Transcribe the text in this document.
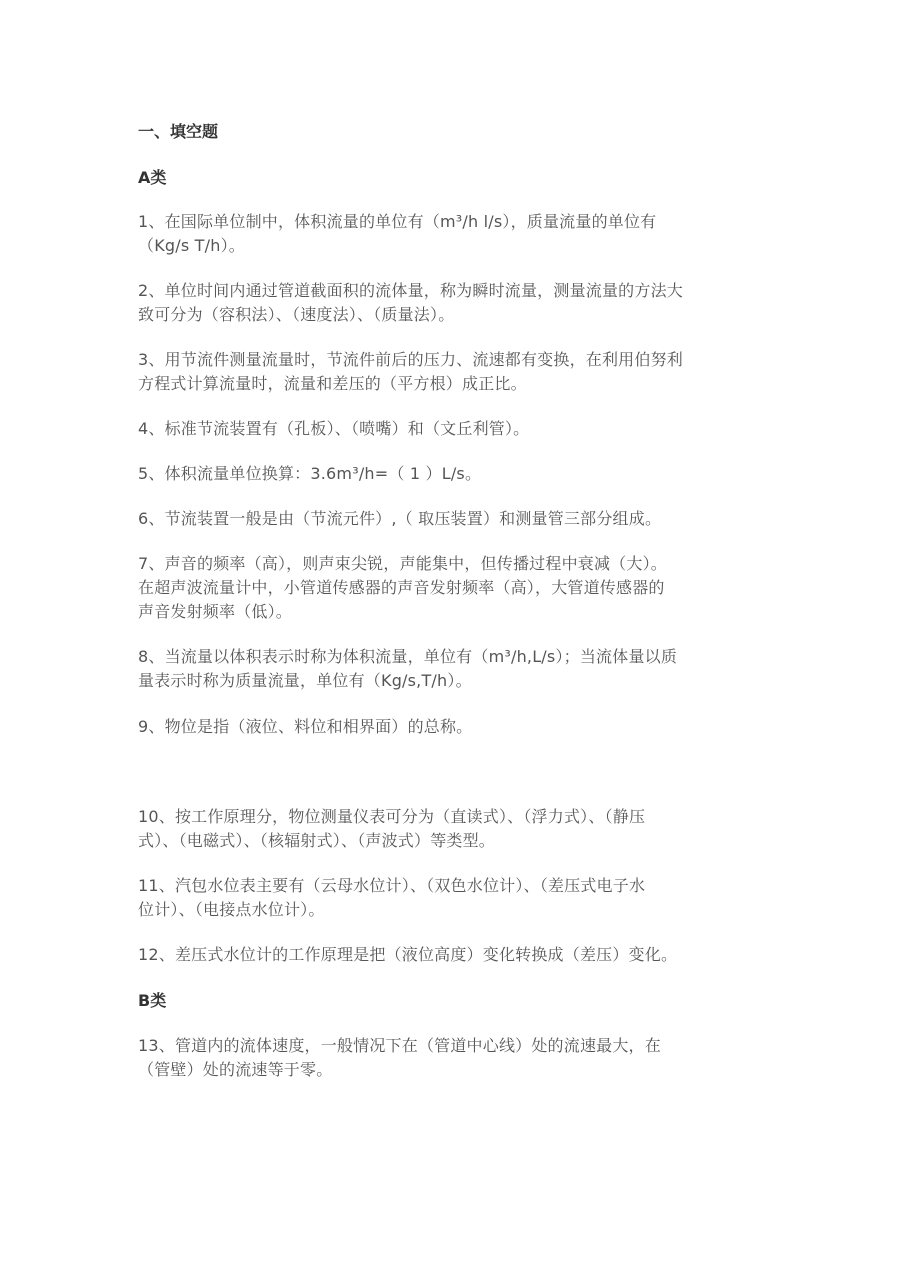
一、填空题
A类
1、在国际单位制中，体积流量的单位有（m³/h l/s），质量流量的单位有
（Kg/s T/h）。
2、单位时间内通过管道截面积的流体量，称为瞬时流量，测量流量的方法大
致可分为（容积法）、（速度法）、（质量法）。
3、用节流件测量流量时，节流件前后的压力、流速都有变换，在利用伯努利
方程式计算流量时，流量和差压的（平方根）成正比。
4、标准节流装置有（孔板）、（喷嘴）和（文丘利管）。
5、体积流量单位换算：3.6m³/h=（ 1 ）L/s。
6、节流装置一般是由（节流元件）,（ 取压装置）和测量管三部分组成。
7、声音的频率（高），则声束尖锐，声能集中，但传播过程中衰减（大）。
在超声波流量计中，小管道传感器的声音发射频率（高），大管道传感器的
声音发射频率（低）。
8、当流量以体积表示时称为体积流量，单位有（m³/h,L/s）；当流体量以质
量表示时称为质量流量，单位有（Kg/s,T/h）。
9、物位是指（液位、料位和相界面）的总称。
10、按工作原理分，物位测量仪表可分为（直读式）、（浮力式）、（静压
式）、（电磁式）、（核辐射式）、（声波式）等类型。
11、汽包水位表主要有（云母水位计）、（双色水位计）、（差压式电子水
位计）、（电接点水位计）。
12、差压式水位计的工作原理是把（液位高度）变化转换成（差压）变化。
B类
13、管道内的流体速度，一般情况下在（管道中心线）处的流速最大，在
（管壁）处的流速等于零。
